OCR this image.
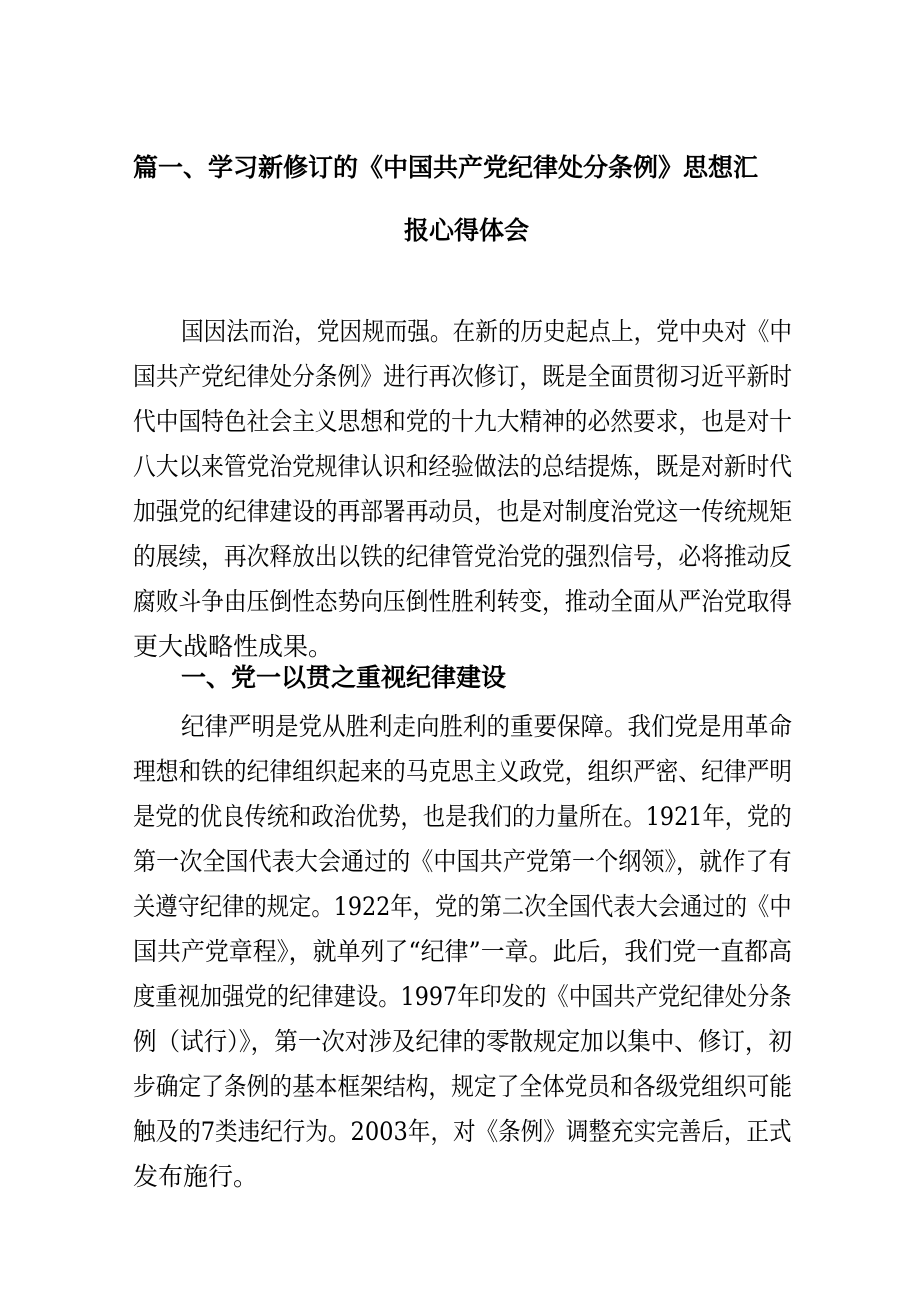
篇一、学习新修订的《中国共产党纪律处分条例》思想汇
报心得体会
国因法而治，党因规而强。在新的历史起点上，党中央对《中
国共产党纪律处分条例》进行再次修订，既是全面贯彻习近平新时
代中国特色社会主义思想和党的十九大精神的必然要求，也是对十
八大以来管党治党规律认识和经验做法的总结提炼，既是对新时代
加强党的纪律建设的再部署再动员，也是对制度治党这一传统规矩
的展续，再次释放出以铁的纪律管党治党的强烈信号，必将推动反
腐败斗争由压倒性态势向压倒性胜利转变，推动全面从严治党取得
更大战略性成果。
一、党一以贯之重视纪律建设
纪律严明是党从胜利走向胜利的重要保障。我们党是用革命
理想和铁的纪律组织起来的马克思主义政党，组织严密、纪律严明
是党的优良传统和政治优势，也是我们的力量所在。1921年，党的
第一次全国代表大会通过的《中国共产党第一个纲领》，就作了有
关遵守纪律的规定。1922年，党的第二次全国代表大会通过的《中
国共产党章程》，就单列了“纪律”一章。此后，我们党一直都高
度重视加强党的纪律建设。1997年印发的《中国共产党纪律处分条
例（试行）》，第一次对涉及纪律的零散规定加以集中、修订，初
步确定了条例的基本框架结构，规定了全体党员和各级党组织可能
触及的7类违纪行为。2003年，对《条例》调整充实完善后，正式
发布施行。
